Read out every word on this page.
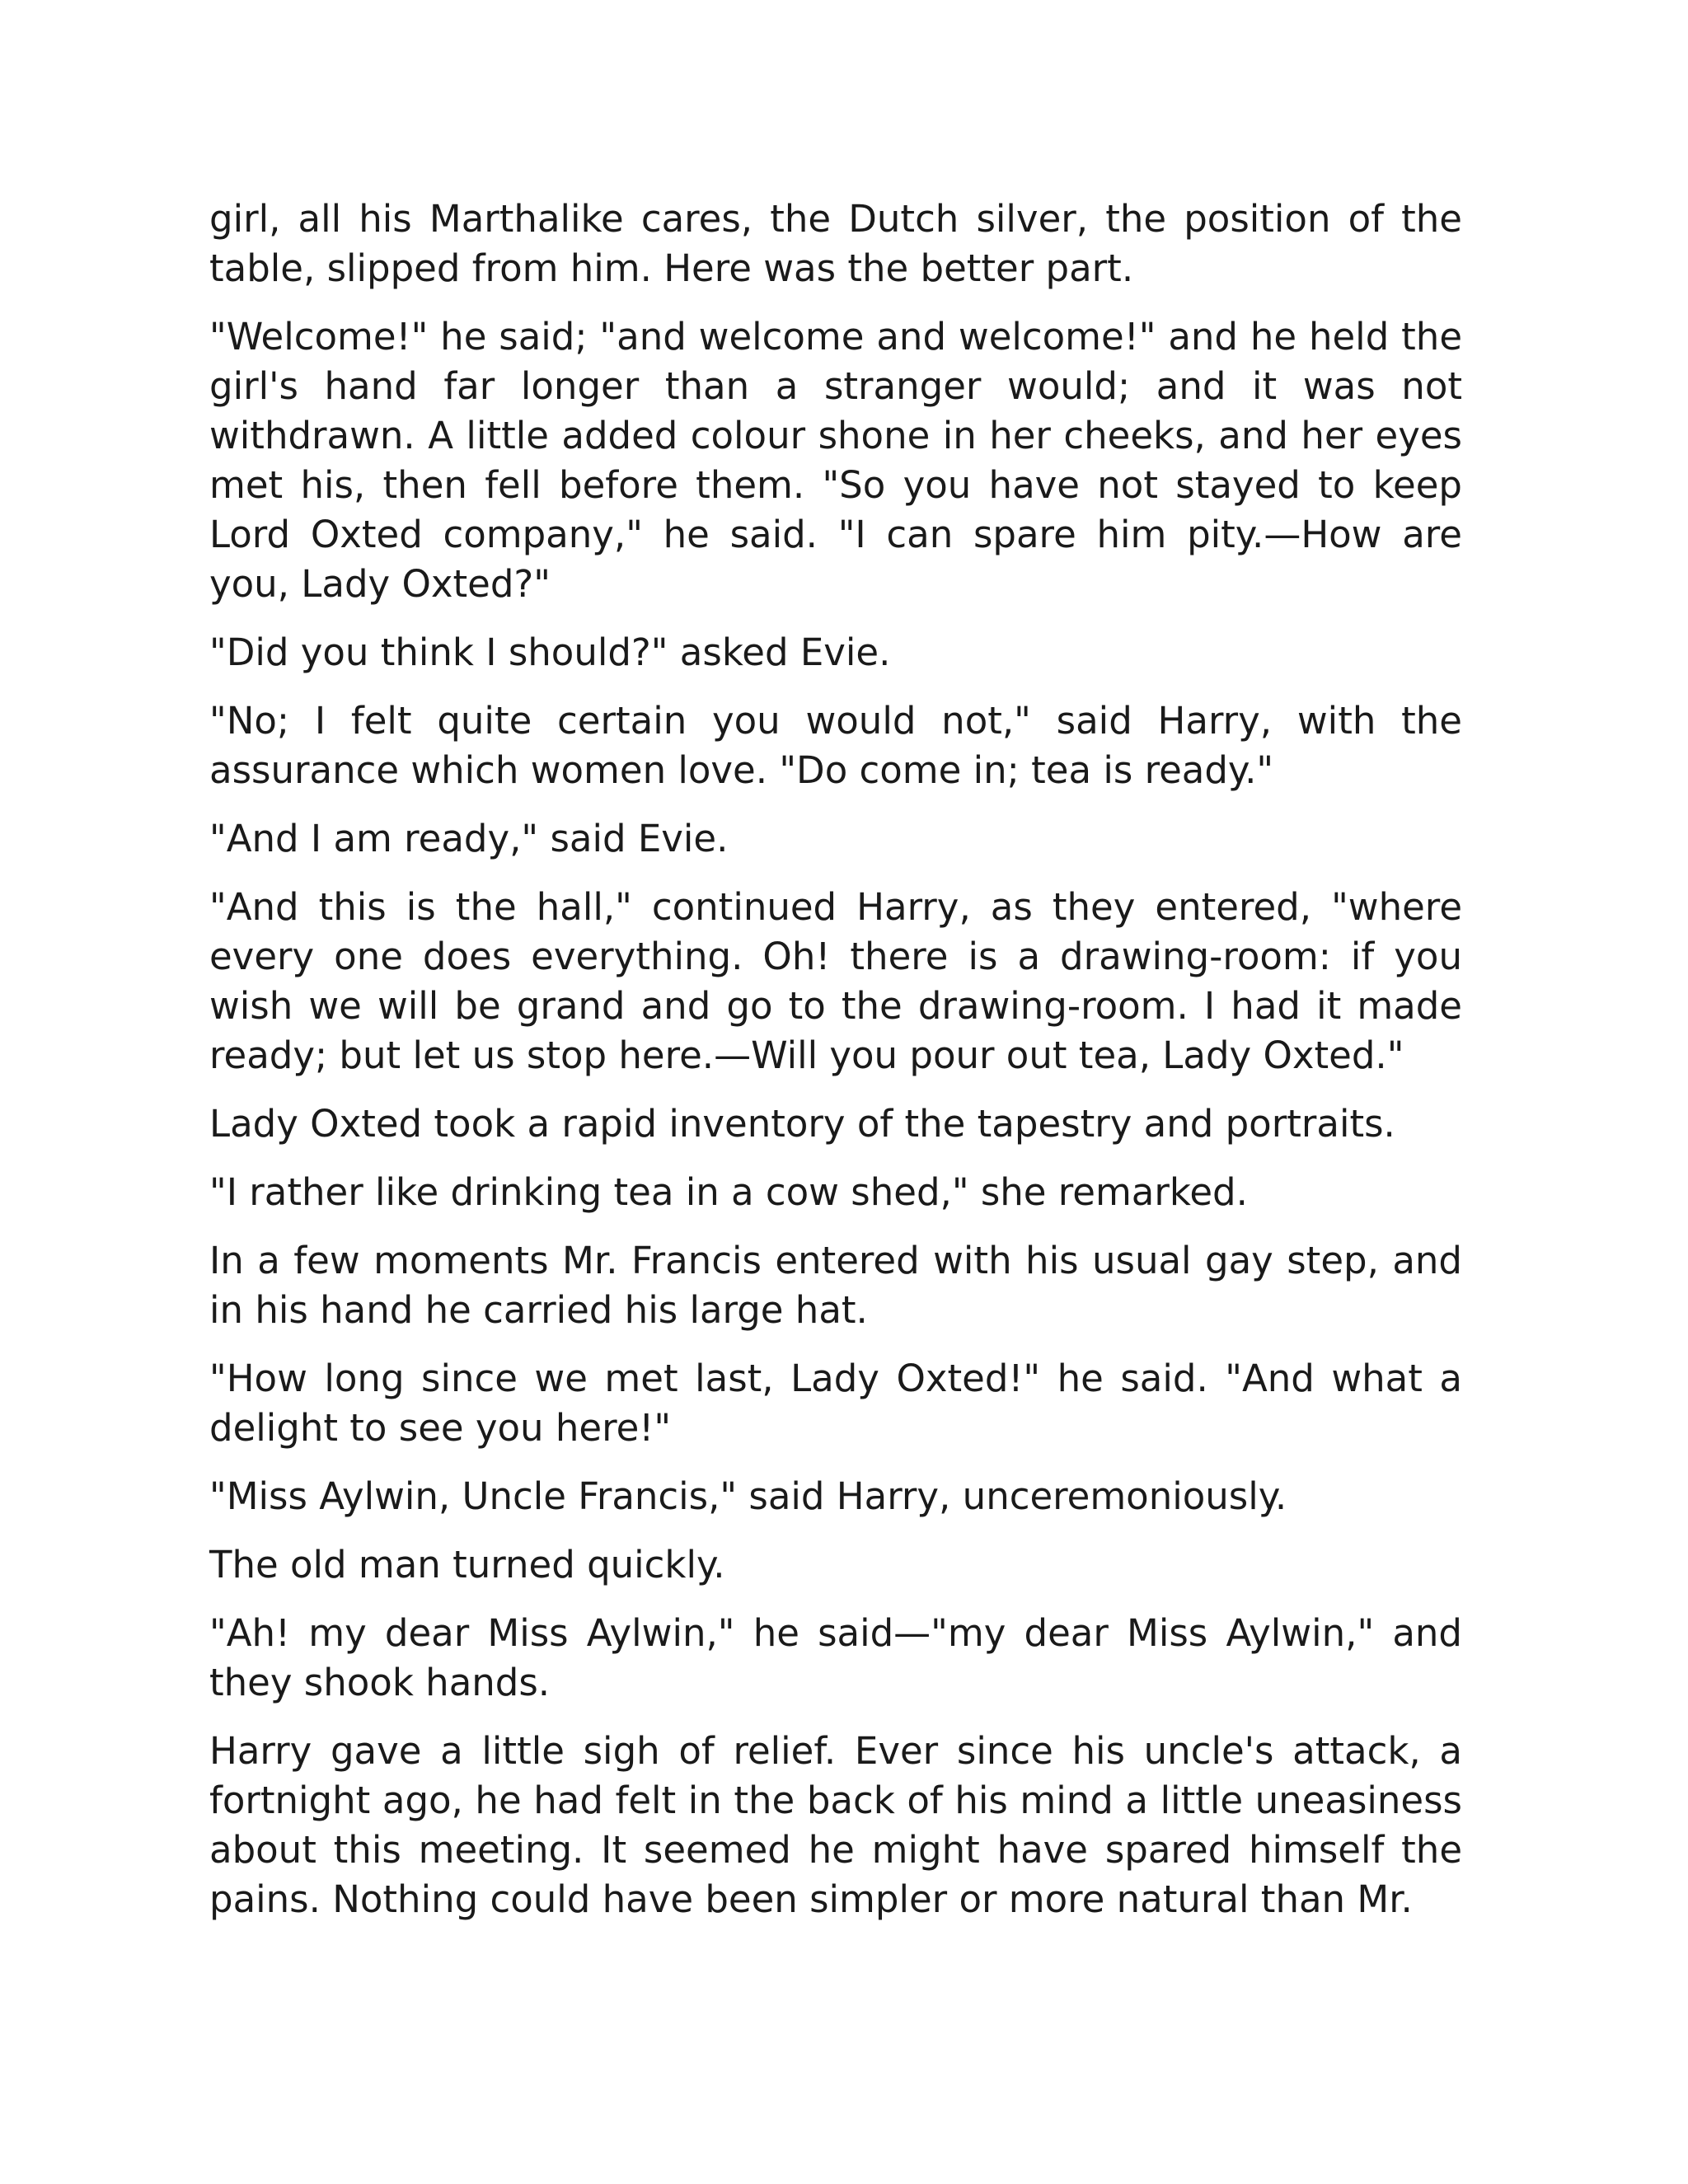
girl, all his Marthalike cares, the Dutch silver, the position of the table, slipped from him. Here was the better part.

"Welcome!" he said; "and welcome and welcome!" and he held the girl's hand far longer than a stranger would; and it was not withdrawn. A little added colour shone in her cheeks, and her eyes met his, then fell before them. "So you have not stayed to keep Lord Oxted company," he said. "I can spare him pity.—How are you, Lady Oxted?"

"Did you think I should?" asked Evie.

"No; I felt quite certain you would not," said Harry, with the assurance which women love. "Do come in; tea is ready."

"And I am ready," said Evie.

"And this is the hall," continued Harry, as they entered, "where every one does everything. Oh! there is a drawing-room: if you wish we will be grand and go to the drawing-room. I had it made ready; but let us stop here.—Will you pour out tea, Lady Oxted."

Lady Oxted took a rapid inventory of the tapestry and portraits.

"I rather like drinking tea in a cow shed," she remarked.

In a few moments Mr. Francis entered with his usual gay step, and in his hand he carried his large hat.

"How long since we met last, Lady Oxted!" he said. "And what a delight to see you here!"

"Miss Aylwin, Uncle Francis," said Harry, unceremoniously.

The old man turned quickly.

"Ah! my dear Miss Aylwin," he said—"my dear Miss Aylwin," and they shook hands.

Harry gave a little sigh of relief. Ever since his uncle's attack, a fortnight ago, he had felt in the back of his mind a little uneasiness about this meeting. It seemed he might have spared himself the pains. Nothing could have been simpler or more natural than Mr.
